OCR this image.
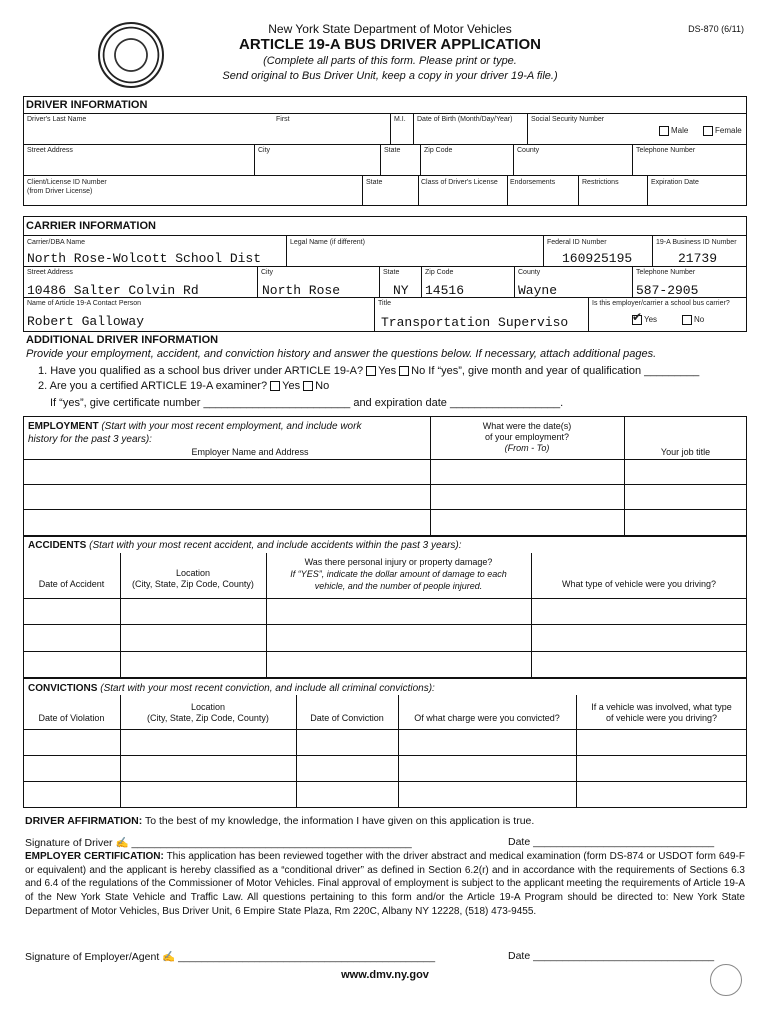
New York State Department of Motor Vehicles
ARTICLE 19-A BUS DRIVER APPLICATION
(Complete all parts of this form. Please print or type.
Send original to Bus Driver Unit, keep a copy in your driver 19-A file.)
DS-870 (6/11)
DRIVER INFORMATION
Driver's Last Name	First	M.I. Date of Birth (Month/Day/Year)	Social Security Number
Male	Female
Street Address	City	State	Zip Code	County	Telephone Number
Client/License ID Number
(from Driver License)
State	Class of Driver's License Endorsements	Restrictions	Expiration Date
CARRIER INFORMATION
Carrier/DBA Name	Legal Name (if different)	Federal ID Number	19-A Business ID Number
North Rose-Wolcott School Dist	160925195	21739
Street Address	City	State	Zip Code	County	Telephone Number
10486 Salter Colvin Rd	North Rose	NY 14516	Wayne	587-2905
Name of Article 19-A Contact Person	Title	Is this employer/carrier a school bus carrier?
Robert Galloway	Transportation Superviso
✔	Yes	No
ADDITIONAL DRIVER INFORMATION
Provide your employment, accident, and conviction history and answer the questions below. If necessary, attach additional pages.
1. Have you qualified as a school bus driver under ARTICLE 19-A? Yes No If “yes”, give month and year of qualification _________
2. Are you a certified ARTICLE 19-A examiner? Yes No
If “yes”, give certificate number ________________________ and expiration date __________________.
EMPLOYMENT (Start with your most recent employment, and include work
history for the past 3 years):
Employer Name and Address
What were the date(s)
of your employment?
(From - To)	Your job title
ACCIDENTS (Start with your most recent accident, and include accidents within the past 3 years):
Date of Accident
Location
(City, State, Zip Code, County)
Was there personal injury or property damage?
If “YES”, indicate the dollar amount of damage to each
vehicle, and the number of people injured.	What type of vehicle were you driving?
CONVICTIONS (Start with your most recent conviction, and include all criminal convictions):
Date of Violation
Location
(City, State, Zip Code, County)	Date of Conviction	Of what charge were you convicted?
If a vehicle was involved, what type
of vehicle were you driving?
DRIVER AFFIRMATION: To the best of my knowledge, the information I have given on this application is true.
Signature of Driver ✍ ________________________________________________	Date _______________________________
EMPLOYER CERTIFICATION: This application has been reviewed together with the driver abstract and medical examination (form DS-874 or USDOT form 649-F or equivalent) and the applicant is hereby classified as a “conditional driver” as defined in Section 6.2(r) and in accordance with the requirements of Sections 6.3 and 6.4 of the regulations of the Commissioner of Motor Vehicles. Final approval of employment is subject to the applicant meeting the requirements of Article 19-A of the New York State Vehicle and Traffic Law. All questions pertaining to this form and/or the Article 19-A Program should be directed to: New York State Department of Motor Vehicles, Bus Driver Unit, 6 Empire State Plaza, Rm 220C, Albany NY 12228, (518) 473-9455.
Signature of Employer/Agent ✍ ____________________________________________	Date _______________________________
www.dmv.ny.gov
